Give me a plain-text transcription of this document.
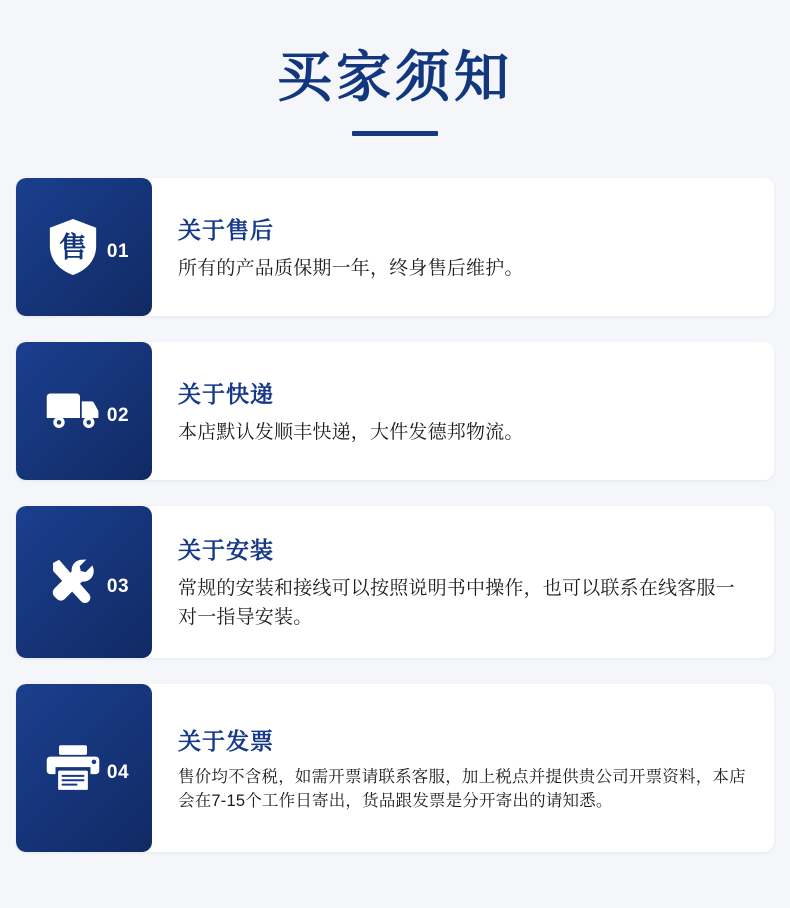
买家须知
售 01

关于售后

所有的产品质保期一年，终身售后维护。

02

关于快递

本店默认发顺丰快递，大件发德邦物流。

03

关于安装

常规的安装和接线可以按照说明书中操作，也可以联系在线客服一对一指导安装。

04

关于发票

售价均不含税，如需开票请联系客服，加上税点并提供贵公司开票资料，本店会在7-15个工作日寄出，货品跟发票是分开寄出的请知悉。
